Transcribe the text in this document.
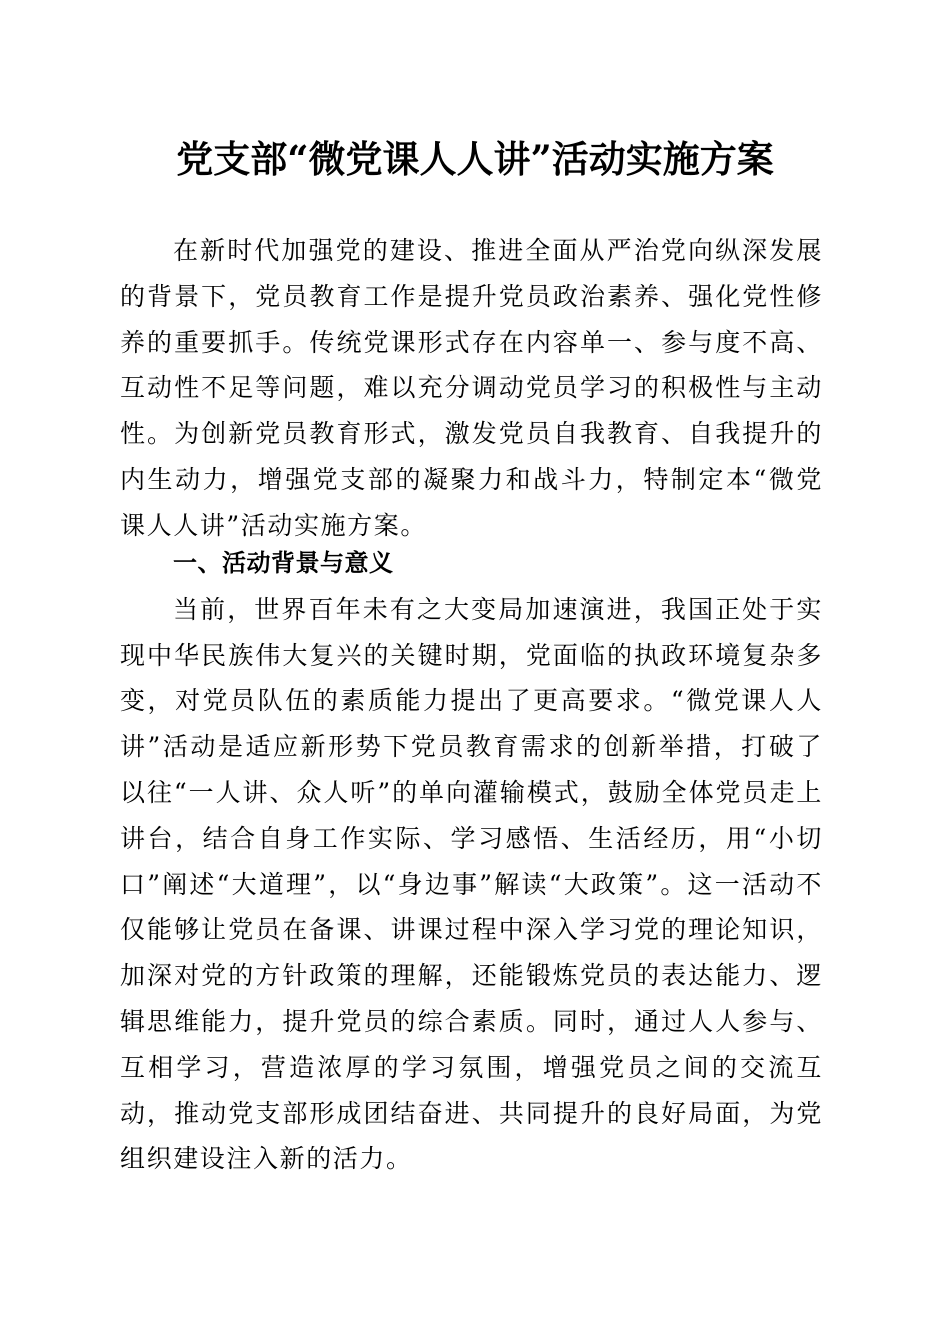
党支部“微党课人人讲”活动实施方案

在新时代加强党的建设、推进全面从严治党向纵深发展的背景下，党员教育工作是提升党员政治素养、强化党性修养的重要抓手。传统党课形式存在内容单一、参与度不高、互动性不足等问题，难以充分调动党员学习的积极性与主动性。为创新党员教育形式，激发党员自我教育、自我提升的内生动力，增强党支部的凝聚力和战斗力，特制定本“微党课人人讲”活动实施方案。

一、活动背景与意义

当前，世界百年未有之大变局加速演进，我国正处于实现中华民族伟大复兴的关键时期，党面临的执政环境复杂多变，对党员队伍的素质能力提出了更高要求。“微党课人人讲”活动是适应新形势下党员教育需求的创新举措，打破了以往“一人讲、众人听”的单向灌输模式，鼓励全体党员走上讲台，结合自身工作实际、学习感悟、生活经历，用“小切口”阐述“大道理”，以“身边事”解读“大政策”。这一活动不仅能够让党员在备课、讲课过程中深入学习党的理论知识，加深对党的方针政策的理解，还能锻炼党员的表达能力、逻辑思维能力，提升党员的综合素质。同时，通过人人参与、互相学习，营造浓厚的学习氛围，增强党员之间的交流互动，推动党支部形成团结奋进、共同提升的良好局面，为党组织建设注入新的活力。
